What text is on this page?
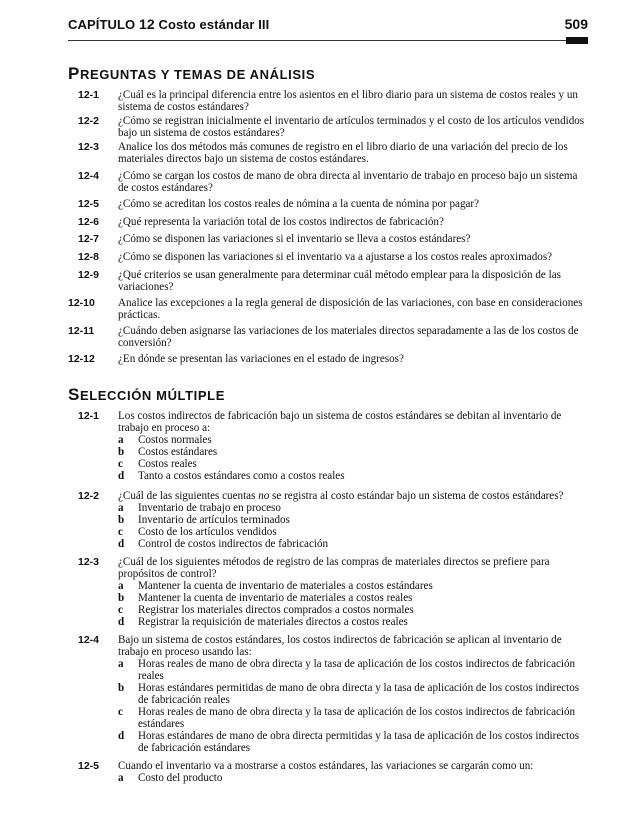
CAPÍTULO 12 Costo estándar III	509
PREGUNTAS Y TEMAS DE ANÁLISIS
12-1	¿Cuál es la principal diferencia entre los asientos en el libro diario para un sistema de costos reales y un sistema de costos estándares?
12-2	¿Cómo se registran inicialmente el inventario de artículos terminados y el costo de los artículos vendidos bajo un sistema de costos estándares?
12-3	Analice los dos métodos más comunes de registro en el libro diario de una variación del precio de los materiales directos bajo un sistema de costos estándares.
12-4	¿Cómo se cargan los costos de mano de obra directa al inventario de trabajo en proceso bajo un sistema de costos estándares?
12-5	¿Cómo se acreditan los costos reales de nómina a la cuenta de nómina por pagar?
12-6	¿Qué representa la variación total de los costos indirectos de fabricación?
12-7	¿Cómo se disponen las variaciones si el inventario se lleva a costos estándares?
12-8	¿Cómo se disponen las variaciones si el inventario va a ajustarse a los costos reales aproximados?
12-9	¿Qué criterios se usan generalmente para determinar cuál método emplear para la disposición de las variaciones?
12-10	Analice las excepciones a la regla general de disposición de las variaciones, con base en consideraciones prácticas.
12-11	¿Cuándo deben asignarse las variaciones de los materiales directos separadamente a las de los costos de conversión?
12-12	¿En dónde se presentan las variaciones en el estado de ingresos?
SELECCIÓN MÚLTIPLE
12-1	Los costos indirectos de fabricación bajo un sistema de costos estándares se debitan al inventario de trabajo en proceso a:
a Costos normales
b Costos estándares
c Costos reales
d Tanto a costos estándares como a costos reales
12-2	¿Cuál de las siguientes cuentas no se registra al costo estándar bajo un sistema de costos estándares?
a Inventario de trabajo en proceso
b Inventario de artículos terminados
c Costo de los artículos vendidos
d Control de costos indirectos de fabricación
12-3	¿Cuál de los siguientes métodos de registro de las compras de materiales directos se prefiere para propósitos de control?
a Mantener la cuenta de inventario de materiales a costos estándares
b Mantener la cuenta de inventario de materiales a costos reales
c Registrar los materiales directos comprados a costos normales
d Registrar la requisición de materiales directos a costos reales
12-4	Bajo un sistema de costos estándares, los costos indirectos de fabricación se aplican al inventario de trabajo en proceso usando las:
a Horas reales de mano de obra directa y la tasa de aplicación de los costos indirectos de fabricación reales
b Horas estándares permitidas de mano de obra directa y la tasa de aplicación de los costos indirectos de fabricación reales
c Horas reales de mano de obra directa y la tasa de aplicación de los costos indirectos de fabricación estándares
d Horas estándares de mano de obra directa permitidas y la tasa de aplicación de los costos indirectos de fabricación estándares
12-5	Cuando el inventario va a mostrarse a costos estándares, las variaciones se cargarán como un:
a Costo del producto
